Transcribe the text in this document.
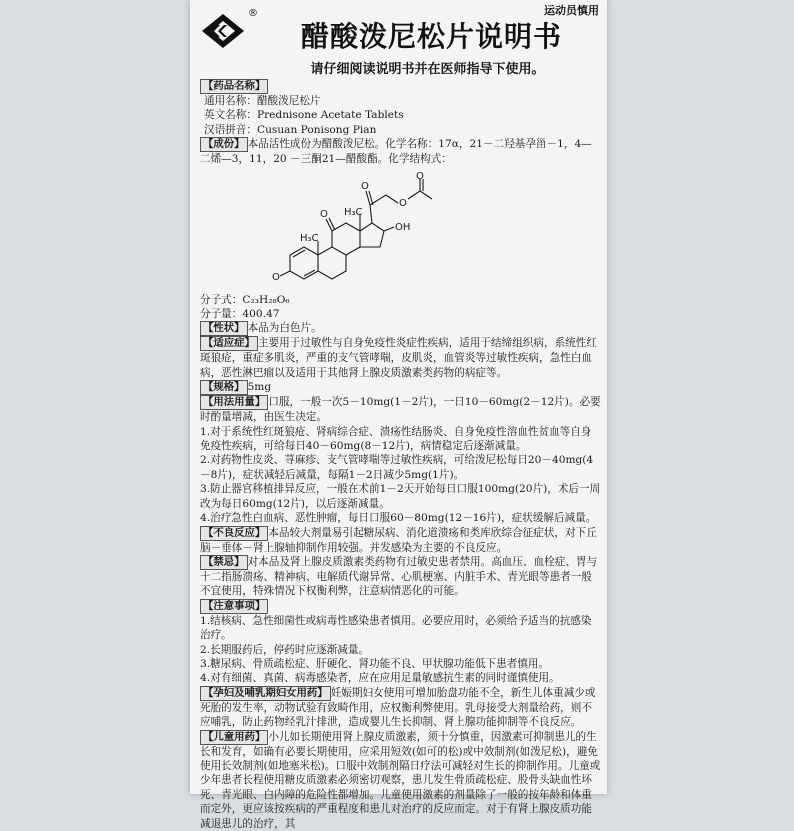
运动员慎用
®
醋酸泼尼松片说明书
请仔细阅读说明书并在医师指导下使用。

【药品名称】

通用名称：醋酸泼尼松片

英文名称：Prednisone Acetate Tablets

汉语拼音：Cusuan Ponisong Pian

【成份】 本品活性成份为醋酸泼尼松。化学名称：17α，21－二羟基孕甾－1，4—二烯—3，11，20 －三酮21—醋酸酯。化学结构式：

O
O
H₃C
H₃C
O
O
O
OH

分子式：C₂₃H₂₈O₆

分子量：400.47

【性状】 本品为白色片。

【适应症】 主要用于过敏性与自身免疫性炎症性疾病，适用于结缔组织病，系统性红斑狼疮，重症多肌炎，严重的支气管哮喘，皮肌炎，血管炎等过敏性疾病，急性白血病，恶性淋巴瘤以及适用于其他肾上腺皮质激素类药物的病症等。

【规格】 5mg

【用法用量】 口服，一般一次5－10mg(1－2片)，一日10－60mg(2－12片)。必要时酌量增减，由医生决定。

1.对于系统性红斑狼疮、肾病综合症、溃疡性结肠炎、自身免疫性溶血性贫血等自身免疫性疾病，可给每日40－60mg(8－12片)，病情稳定后逐渐减量。

2.对药物性皮炎、荨麻疹、支气管哮喘等过敏性疾病，可给泼尼松每日20－40mg(4－8片)，症状减轻后减量，每隔1－2日减少5mg(1片)。

3.防止器官移植排异反应，一般在术前1－2天开始每日口服100mg(20片)，术后一周改为每日60mg(12片)，以后逐渐减量。

4.治疗急性白血病、恶性肿瘤，每日口服60－80mg(12－16片)，症状缓解后减量。

【不良反应】 本品较大剂量易引起糖尿病、消化道溃疡和类库欣综合征症状，对下丘脑－垂体－肾上腺轴抑制作用较强。并发感染为主要的不良反应。

【禁忌】 对本品及肾上腺皮质激素类药物有过敏史患者禁用。高血压、血栓症、胃与十二指肠溃疡、精神病、电解质代谢异常、心肌梗塞、内脏手术、青光眼等患者一般不宜使用，特殊情况下权衡利弊，注意病情恶化的可能。

【注意事项】

1.结核病、急性细菌性或病毒性感染患者慎用。必要应用时，必须给予适当的抗感染治疗。

2.长期服药后，停药时应逐渐减量。

3.糖尿病、骨质疏松症、肝硬化、肾功能不良、甲状腺功能低下患者慎用。

4.对有细菌、真菌、病毒感染者，应在应用足量敏感抗生素的同时谨慎使用。

【孕妇及哺乳期妇女用药】 妊娠期妇女使用可增加胎盘功能不全，新生儿体重减少或死胎的发生率，动物试验有致畸作用，应权衡利弊使用。乳母接受大剂量给药，则不应哺乳，防止药物经乳汁排泄，造成婴儿生长抑制、肾上腺功能抑制等不良反应。

【儿童用药】 小儿如长期使用肾上腺皮质激素，须十分慎重，因激素可抑制患儿的生长和发育，如确有必要长期使用，应采用短效(如可的松)或中效制剂(如泼尼松)，避免使用长效制剂(如地塞米松)。口服中效制剂隔日疗法可减轻对生长的抑制作用。儿童或少年患者长程使用糖皮质激素必须密切观察，患儿发生骨质疏松症、股骨头缺血性坏死、青光眼、白内障的危险性都增加。儿童使用激素的剂量除了一般的按年龄和体重而定外，更应该按疾病的严重程度和患儿对治疗的反应而定。对于有肾上腺皮质功能减退患儿的治疗，其
